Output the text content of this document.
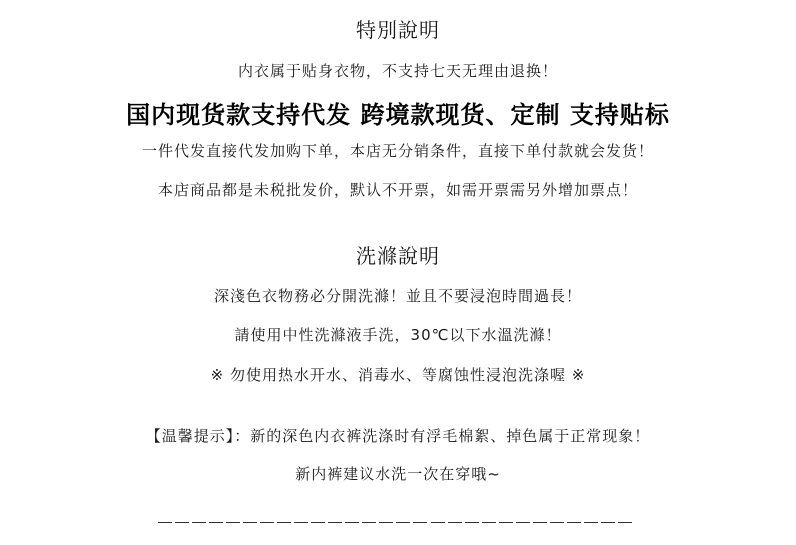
特別說明
内衣属于贴身衣物，不支持七天无理由退换！
国内现货款支持代发 跨境款现货、定制 支持贴标
一件代发直接代发加购下单，本店无分销条件，直接下单付款就会发货！
本店商品都是未税批发价，默认不开票，如需开票需另外增加票点！
洗滌說明
深淺色衣物務必分開洗滌！並且不要浸泡時間過長！
請使用中性洗滌液手洗，30℃以下水溫洗滌！
※ 勿使用热水开水、消毒水、等腐蚀性浸泡洗涤喔 ※
【温馨提示】：新的深色内衣裤洗涤时有浮毛棉絮、掉色属于正常现象！
新内裤建议水洗一次在穿哦~
